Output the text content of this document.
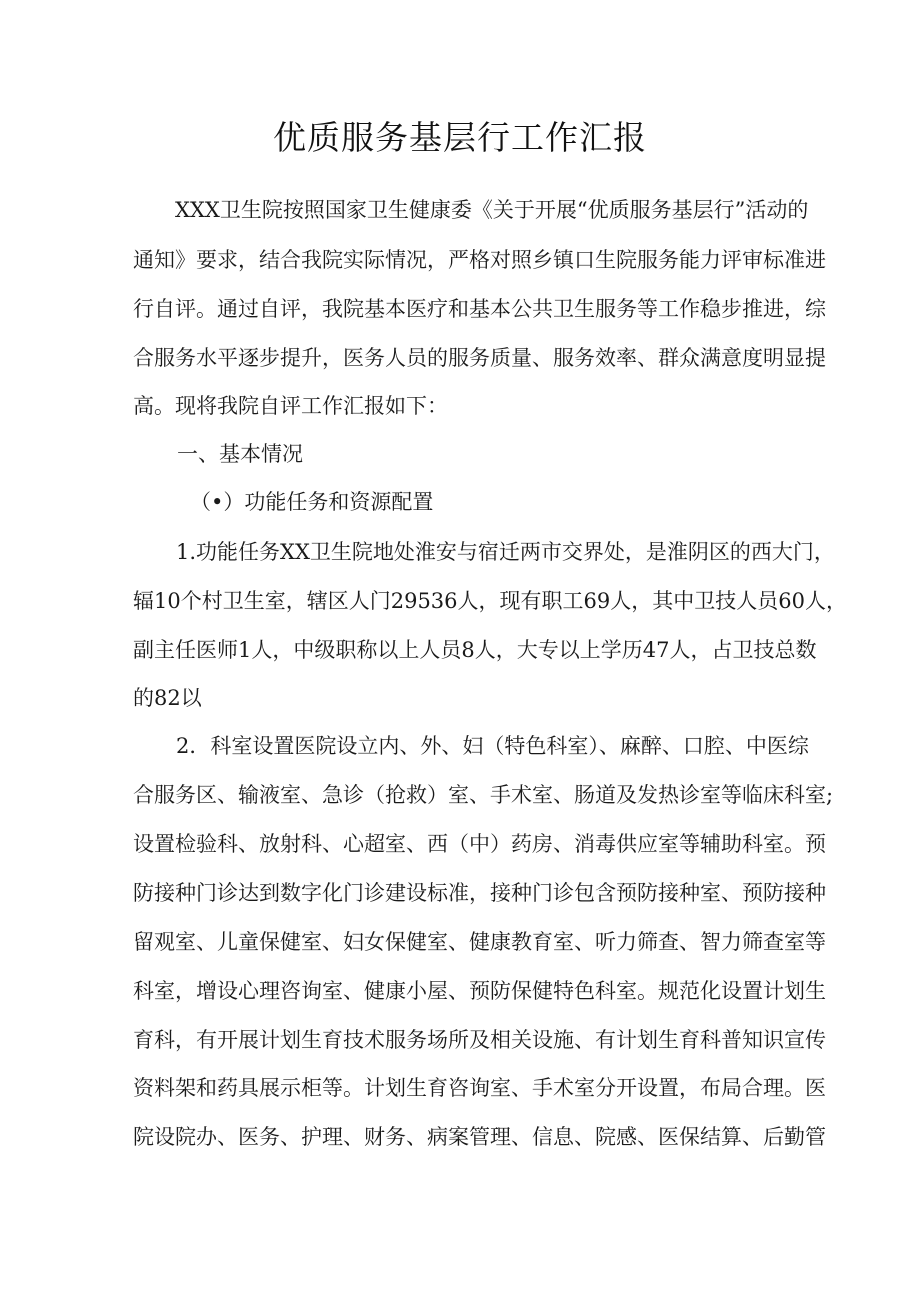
优质服务基层行工作汇报
XXX卫生院按照国家卫生健康委《关于开展“优质服务基层行”活动的
通知》要求，结合我院实际情况，严格对照乡镇口生院服务能力评审标准进
行自评。通过自评，我院基本医疗和基本公共卫生服务等工作稳步推进，综
合服务水平逐步提升，医务人员的服务质量、服务效率、群众满意度明显提
高。现将我院自评工作汇报如下：
一、基本情况
（•）功能任务和资源配置
1.功能任务XX卫生院地处淮安与宿迁两市交界处，是淮阴区的西大门，
辐10个村卫生室，辖区人门29536人，现有职工69人，其中卫技人员60人，
副主任医师1人，中级职称以上人员8人，大专以上学历47人，占卫技总数
的82以
2．科室设置医院设立内、外、妇（特色科室）、麻醉、口腔、中医综
合服务区、输液室、急诊（抢救）室、手术室、肠道及发热诊室等临床科室;
设置检验科、放射科、心超室、西（中）药房、消毒供应室等辅助科室。预
防接种门诊达到数字化门诊建设标准，接种门诊包含预防接种室、预防接种
留观室、儿童保健室、妇女保健室、健康教育室、听力筛查、智力筛查室等
科室，增设心理咨询室、健康小屋、预防保健特色科室。规范化设置计划生
育科，有开展计划生育技术服务场所及相关设施、有计划生育科普知识宣传
资料架和药具展示柜等。计划生育咨询室、手术室分开设置，布局合理。医
院设院办、医务、护理、财务、病案管理、信息、院感、医保结算、后勤管
